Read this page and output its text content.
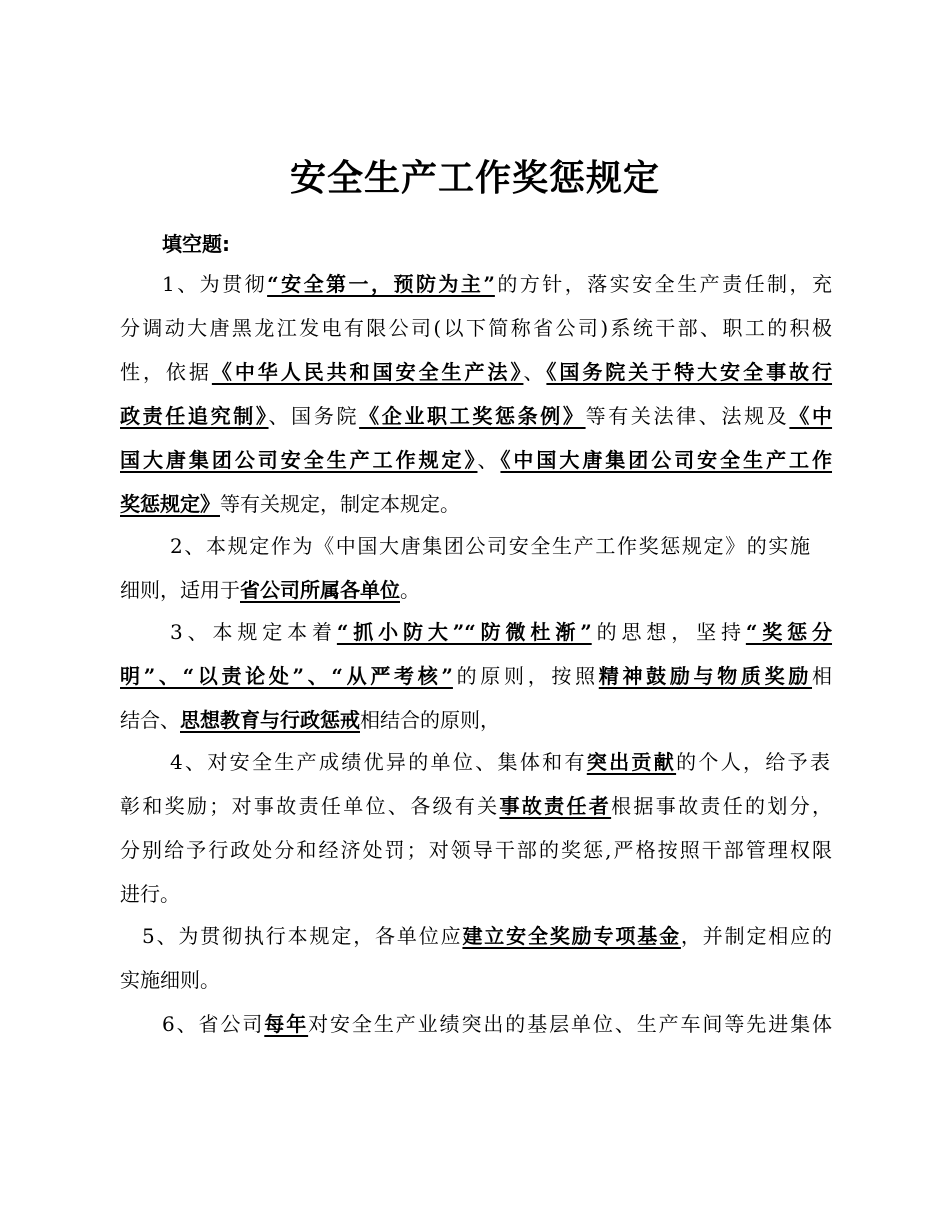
安全生产工作奖惩规定
填空题:
1、为贯彻“安全第一，预防为主”的方针，落实安全生产责任制，充
分调动大唐黑龙江发电有限公司(以下简称省公司)系统干部、职工的积极
性，依据《中华人民共和国安全生产法》、《国务院关于特大安全事故行
政责任追究制》、国务院《企业职工奖惩条例》等有关法律、法规及《中
国大唐集团公司安全生产工作规定》、《中国大唐集团公司安全生产工作
奖惩规定》等有关规定，制定本规定。
2、本规定作为《中国大唐集团公司安全生产工作奖惩规定》的实施
细则，适用于省公司所属各单位。
3、本规定本着“抓小防大”“防微杜渐”的思想，坚持“奖惩分
明”、“以责论处”、“从严考核”的原则，按照精神鼓励与物质奖励相
结合、思想教育与行政惩戒相结合的原则，
4、对安全生产成绩优异的单位、集体和有突出贡献的个人，给予表
彰和奖励；对事故责任单位、各级有关事故责任者根据事故责任的划分，
分别给予行政处分和经济处罚；对领导干部的奖惩,严格按照干部管理权限
进行。
5、为贯彻执行本规定，各单位应建立安全奖励专项基金，并制定相应的
实施细则。
6、省公司每年对安全生产业绩突出的基层单位、生产车间等先进集体
